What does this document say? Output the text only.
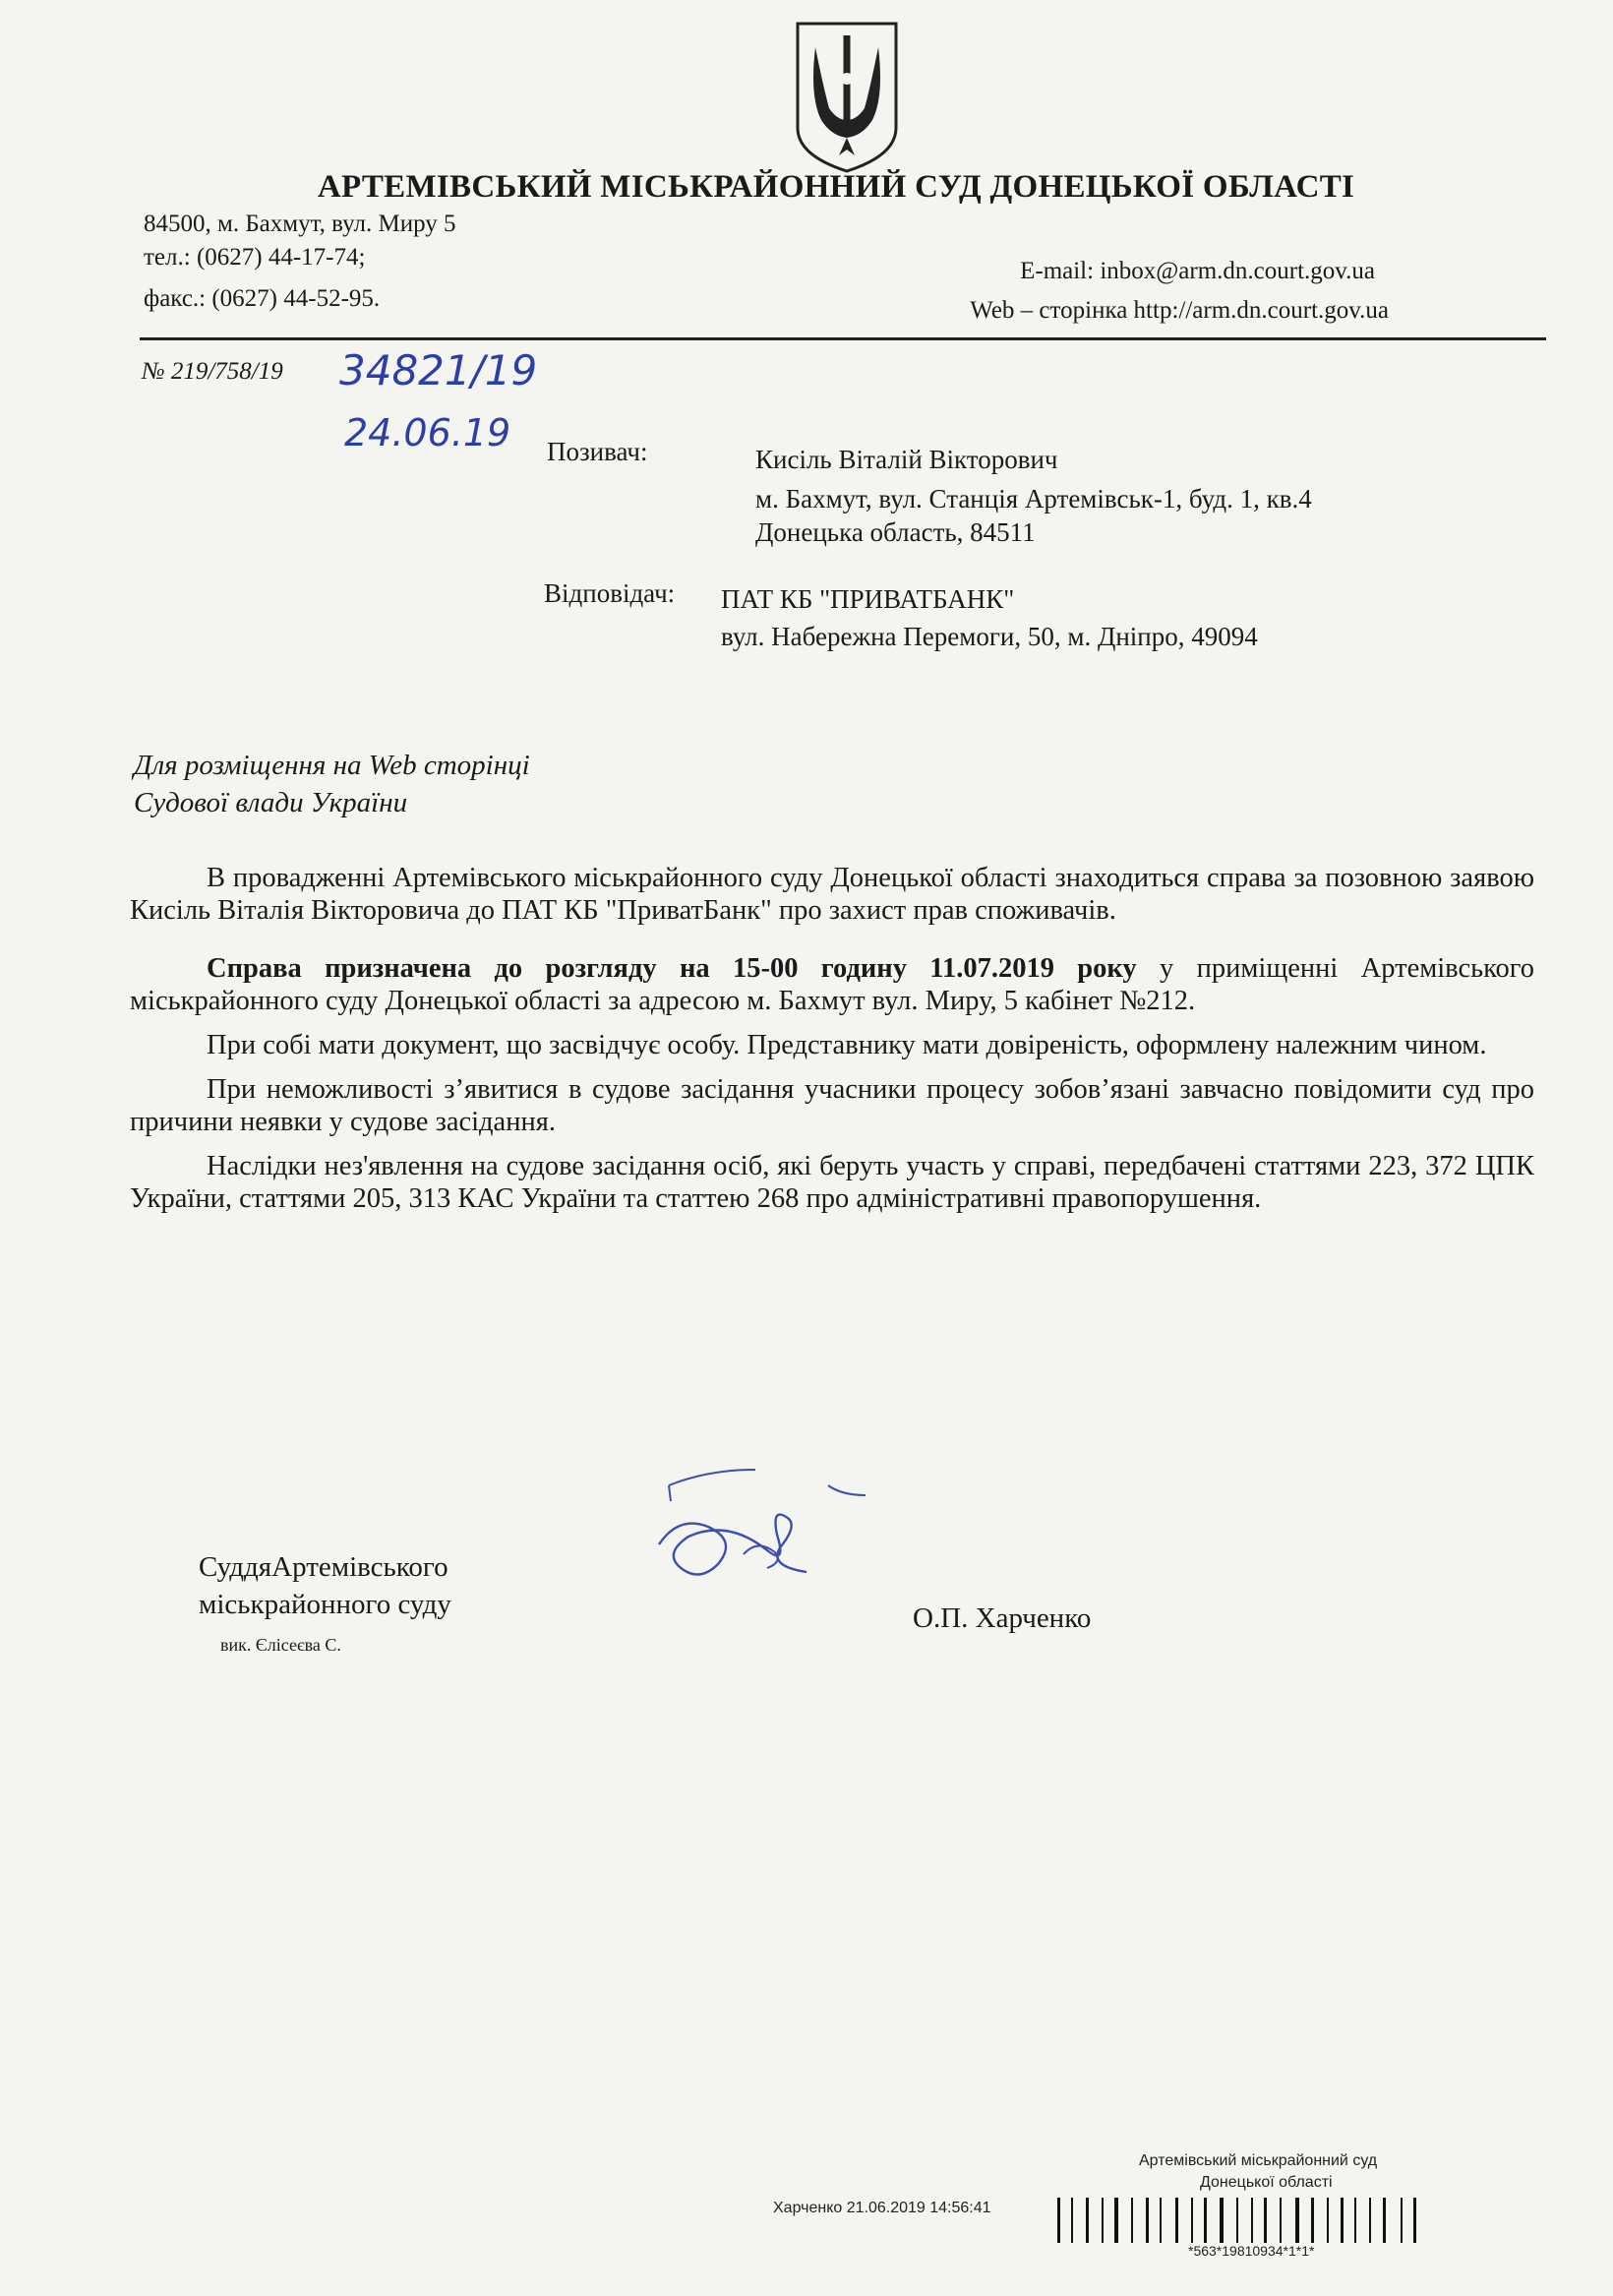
АРТЕМІВСЬКИЙ МІСЬКРАЙОННИЙ СУД ДОНЕЦЬКОЇ ОБЛАСТІ
84500, м. Бахмут, вул. Миру 5
тел.: (0627) 44-17-74;
факс.: (0627) 44-52-95.
E-mail: inbox@arm.dn.court.gov.ua
Web – сторінка http://arm.dn.court.gov.ua
№ 219/758/19 34821/19
24.06.19 Позивач:	Кисіль Віталій Вікторович
м. Бахмут, вул. Станція Артемівськ-1, буд. 1, кв.4
Донецька область, 84511
Відповідач: ПАТ КБ "ПРИВАТБАНК"
вул. Набережна Перемоги, 50, м. Дніпро, 49094
Для розміщення на Web сторінці
Судової влади України

В провадженні Артемівського міськрайонного суду Донецької області знаходиться справа за позовною заявою Кисіль Віталія Вікторовича до ПАТ КБ "ПриватБанк" про захист прав споживачів.

Справа призначена до розгляду на 15-00 годину 11.07.2019 року у приміщенні Артемівського міськрайонного суду Донецької області за адресою м. Бахмут вул. Миру, 5 кабінет №212.

При собі мати документ, що засвідчує особу. Представнику мати довіреність, оформлену належним чином.

При неможливості з’явитися в судове засідання учасники процесу зобов’язані завчасно повідомити суд про причини неявки у судове засідання.

Наслідки нез'явлення на судове засідання осіб, які беруть участь у справі, передбачені статтями 223, 372 ЦПК України, статтями 205, 313 КАС України та статтею 268 про адміністративні правопорушення.

СуддяАртемівського
міськрайонного суду
вик. Єлісеєва С.
О.П. Харченко
Артемівський міськрайонний суд
Донецької області
Харченко 21.06.2019 14:56:41
*563*19810934*1*1*
